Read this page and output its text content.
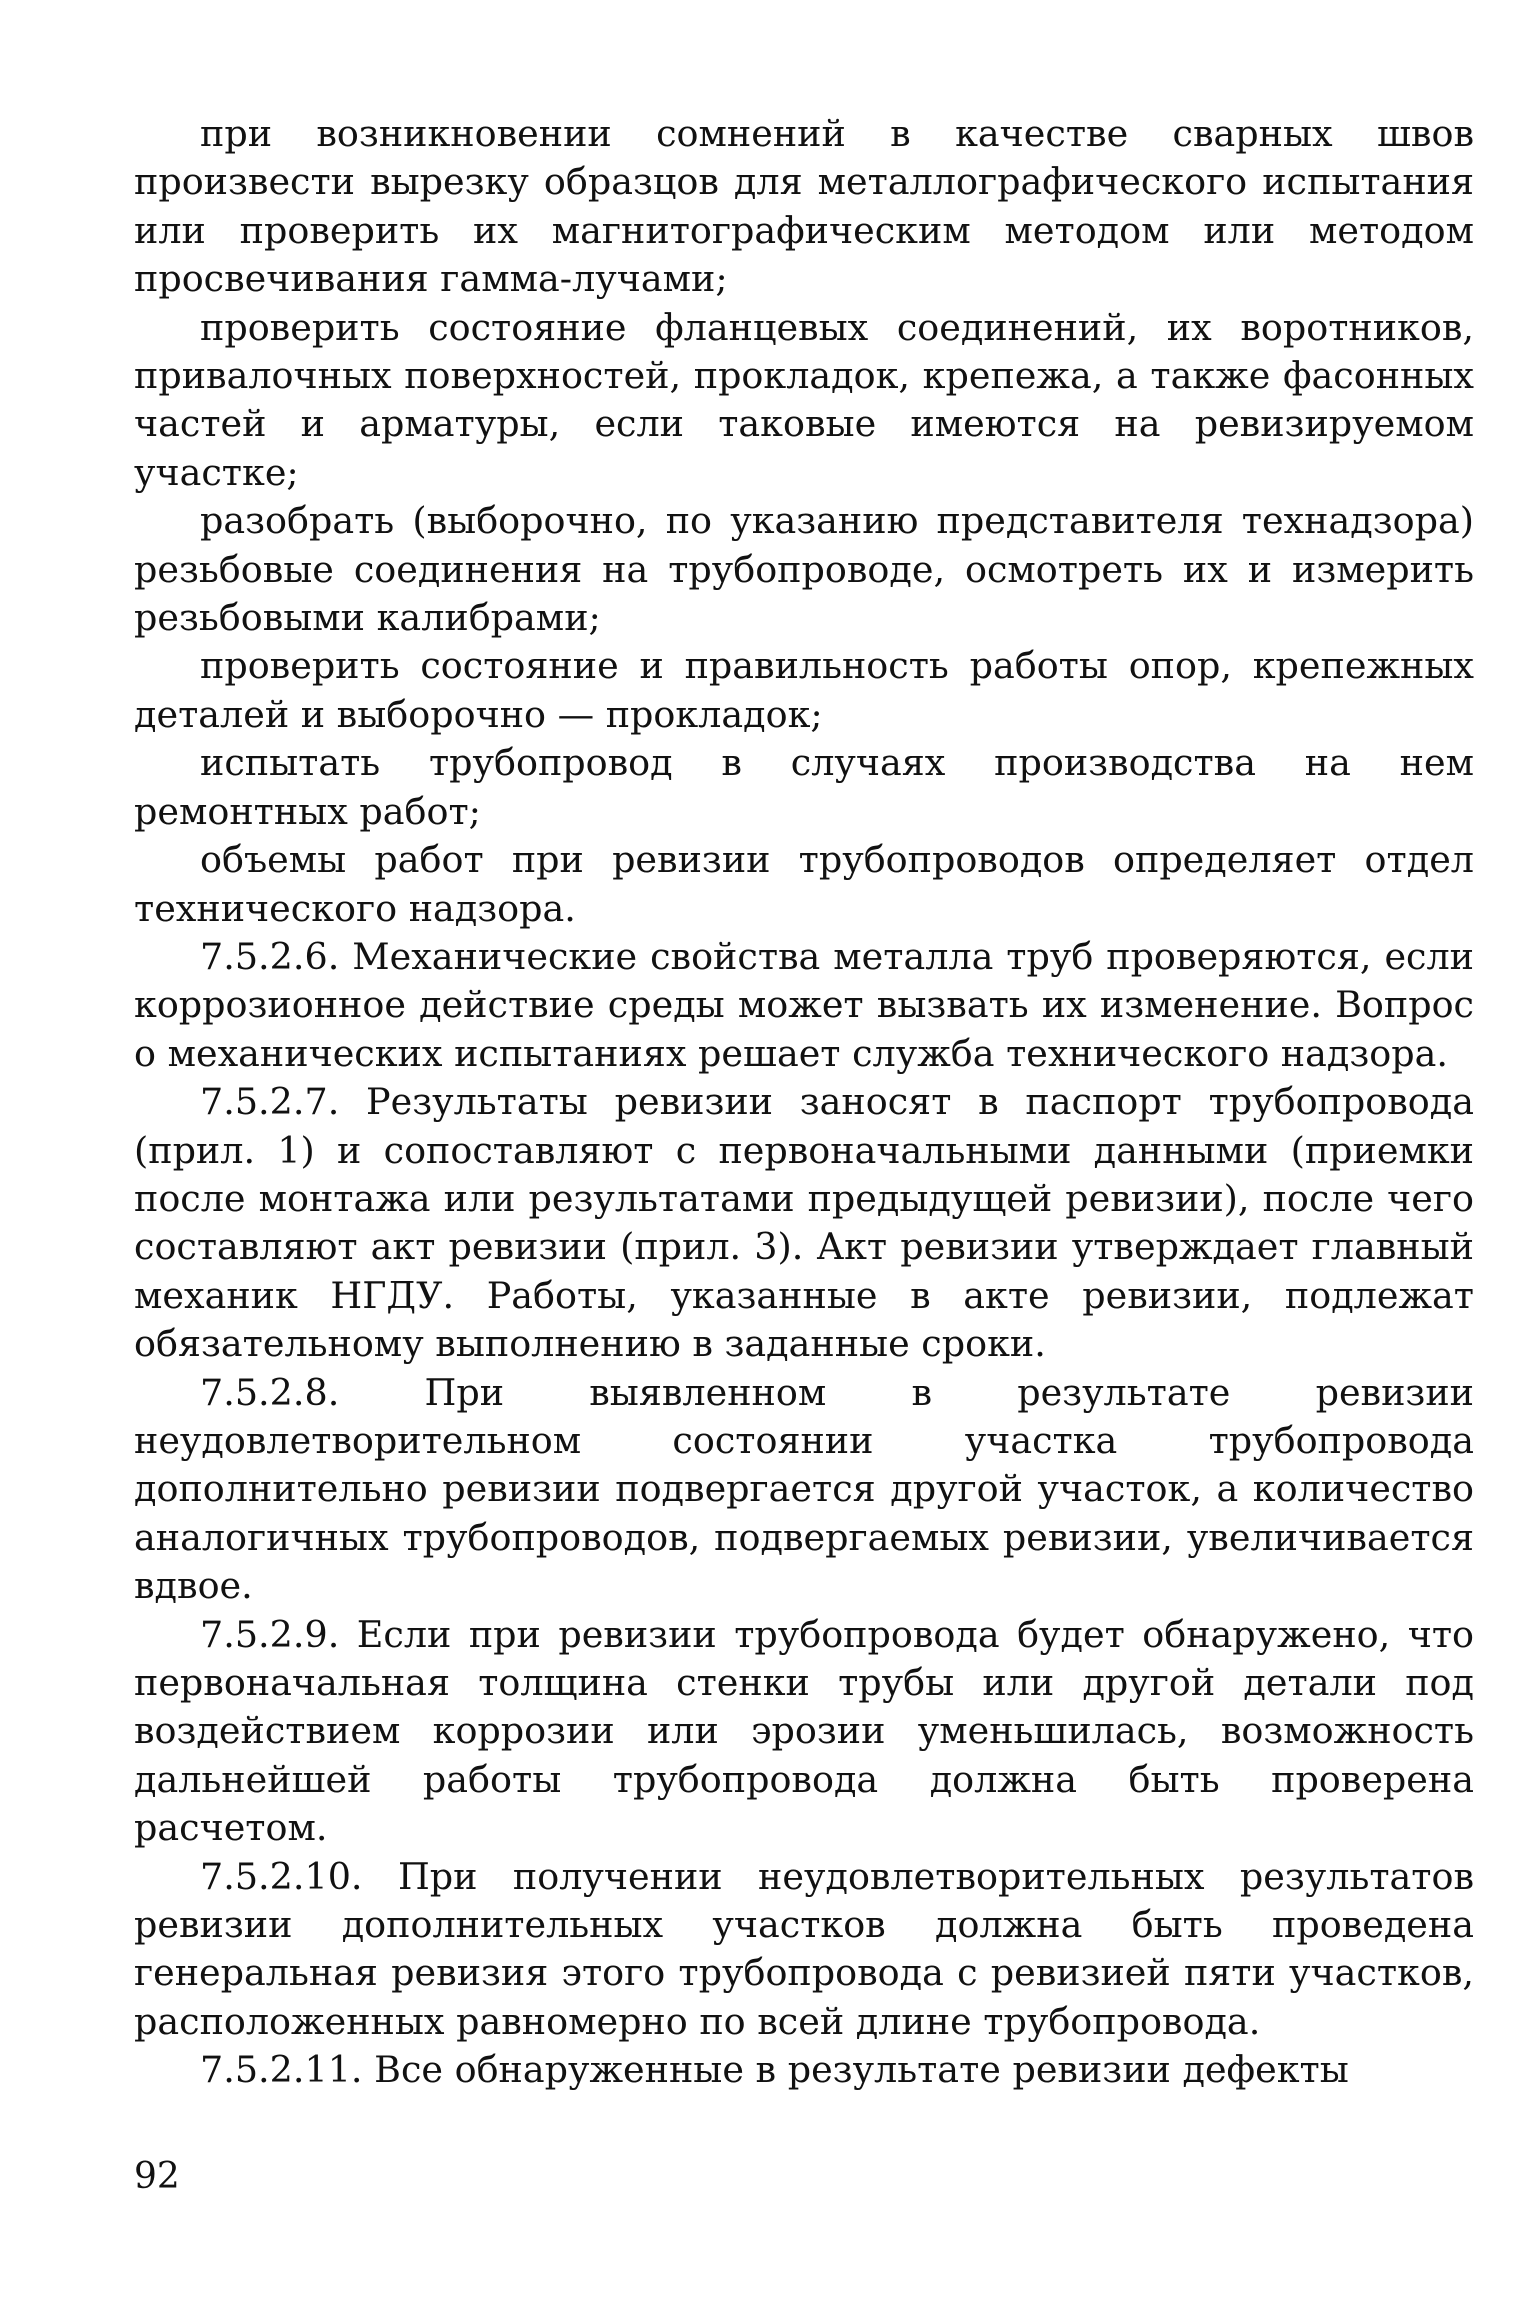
при возникновении сомнений в качестве сварных швов произвести вырезку образцов для металлографического испытания или проверить их магнитографическим методом или методом просвечивания гамма-лучами;

проверить состояние фланцевых соединений, их воротников, привалочных поверхностей, прокладок, крепежа, а также фасонных частей и арматуры, если таковые имеются на ревизируемом участке;

разобрать (выборочно, по указанию представителя технадзора) резьбовые соединения на трубопроводе, осмотреть их и измерить резьбовыми калибрами;

проверить состояние и правильность работы опор, крепежных деталей и выборочно — прокладок;

испытать трубопровод в случаях производства на нем ремонтных работ;

объемы работ при ревизии трубопроводов определяет отдел технического надзора.

7.5.2.6. Механические свойства металла труб проверяются, если коррозионное действие среды может вызвать их изменение. Вопрос о механических испытаниях решает служба технического надзора.

7.5.2.7. Результаты ревизии заносят в паспорт трубопровода (прил. 1) и сопоставляют с первоначальными данными (приемки после монтажа или результатами предыдущей ревизии), после чего составляют акт ревизии (прил. 3). Акт ревизии утверждает главный механик НГДУ. Работы, указанные в акте ревизии, подлежат обязательному выполнению в заданные сроки.

7.5.2.8. При выявленном в результате ревизии неудовлетворительном состоянии участка трубопровода дополнительно ревизии подвергается другой участок, а количество аналогичных трубопроводов, подвергаемых ревизии, увеличивается вдвое.

7.5.2.9. Если при ревизии трубопровода будет обнаружено, что первоначальная толщина стенки трубы или другой детали под воздействием коррозии или эрозии уменьшилась, возможность дальнейшей работы трубопровода должна быть проверена расчетом.

7.5.2.10. При получении неудовлетворительных результатов ревизии дополнительных участков должна быть проведена генеральная ревизия этого трубопровода с ревизией пяти участков, расположенных равномерно по всей длине трубопровода.

7.5.2.11. Все обнаруженные в результате ревизии дефекты

92
